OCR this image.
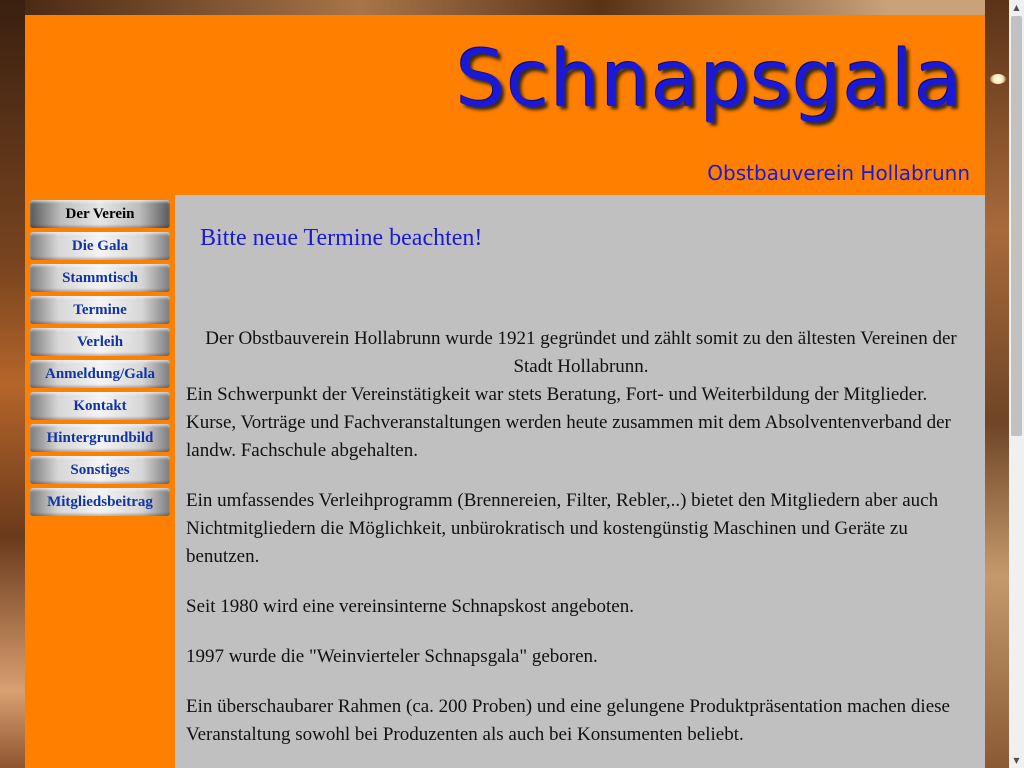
Schnapsgala
Obstbauverein Hollabrunn
Der Verein
Die Gala
Stammtisch
Termine
Verleih
Anmeldung/Gala
Kontakt
Hintergrundbild
Sonstiges
Mitgliedsbeitrag
Bitte neue Termine beachten!

Der Obstbauverein Hollabrunn wurde 1921 gegründet und zählt somit zu den ältesten Vereinen der Stadt Hollabrunn.

Ein Schwerpunkt der Vereinstätigkeit war stets Beratung, Fort- und Weiterbildung der Mitglieder. Kurse, Vorträge und Fachveranstaltungen werden heute zusammen mit dem Absolventenverband der landw. Fachschule abgehalten.

Ein umfassendes Verleihprogramm (Brennereien, Filter, Rebler,..) bietet den Mitgliedern aber auch Nichtmitgliedern die Möglichkeit, unbürokratisch und kostengünstig Maschinen und Geräte zu benutzen.

Seit 1980 wird eine vereinsinterne Schnapskost angeboten.

1997 wurde die "Weinvierteler Schnapsgala" geboren.

Ein überschaubarer Rahmen (ca. 200 Proben) und eine gelungene Produktpräsentation machen diese Veranstaltung sowohl bei Produzenten als auch bei Konsumenten beliebt.

▲
▼
